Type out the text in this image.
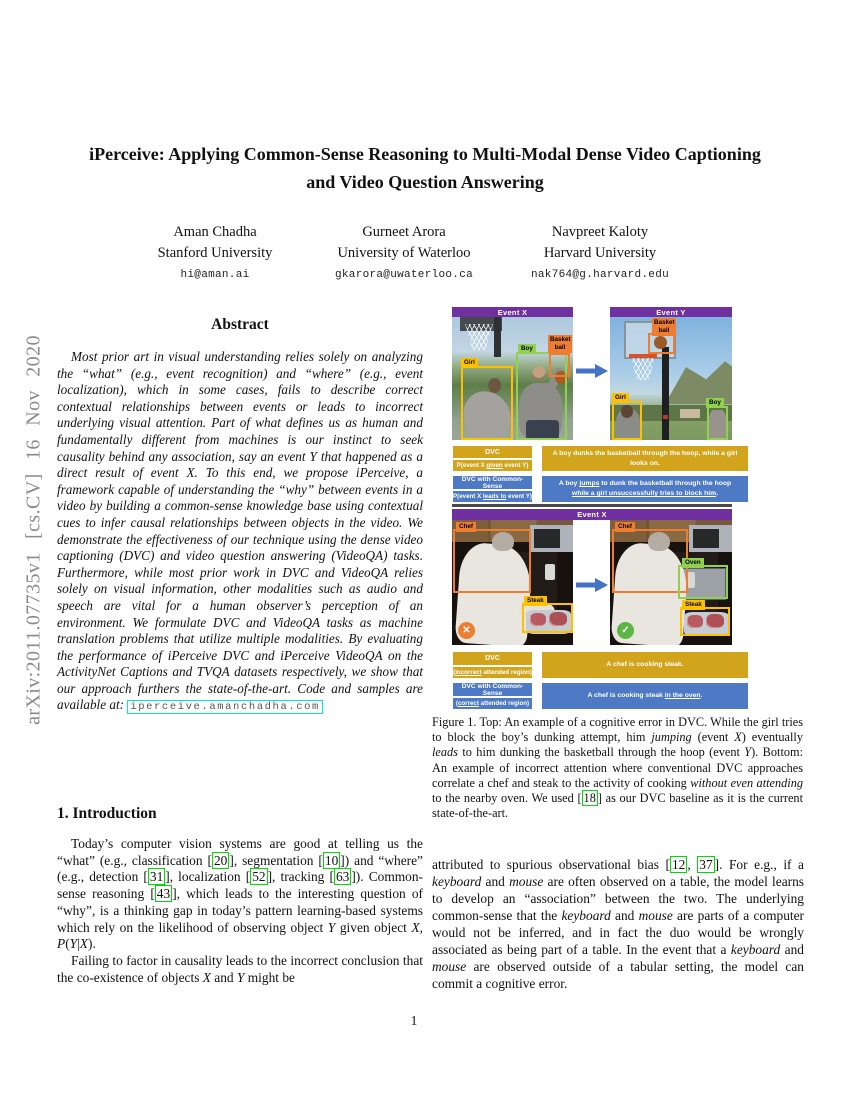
arXiv:2011.07735v1 [cs.CV] 16 Nov 2020
iPerceive: Applying Common-Sense Reasoning to Multi-Modal Dense Video Captioning and Video Question Answering
Aman Chadha
Stanford University
hi@aman.ai
Gurneet Arora
University of Waterloo
gkarora@uwaterloo.ca
Navpreet Kaloty
Harvard University
nak764@g.harvard.edu
Abstract

Most prior art in visual understanding relies solely on analyzing the “what” (e.g., event recognition) and “where” (e.g., event localization), which in some cases, fails to describe correct contextual relationships between events or leads to incorrect underlying visual attention. Part of what defines us as human and fundamentally different from machines is our instinct to seek causality behind any association, say an event Y that happened as a direct result of event X. To this end, we propose iPerceive, a framework capable of understanding the “why” between events in a video by building a common-sense knowledge base using contextual cues to infer causal relationships between objects in the video. We demonstrate the effectiveness of our technique using the dense video captioning (DVC) and video question answering (VideoQA) tasks. Furthermore, while most prior work in DVC and VideoQA relies solely on visual information, other modalities such as audio and speech are vital for a human observer’s perception of an environment. We formulate DVC and VideoQA tasks as machine translation problems that utilize multiple modalities. By evaluating the performance of iPerceive DVC and iPerceive VideoQA on the ActivityNet Captions and TVQA datasets respectively, we show that our approach furthers the state-of-the-art. Code and samples are available at: iperceive.amanchadha.com

1. Introduction

Today’s computer vision systems are good at telling us the “what” (e.g., classification [ 20 ], segmentation [ 10 ]) and “where” (e.g., detection [ 31 ], localization [ 52 ], tracking [ 63 ]). Common-sense reasoning [ 43 ], which leads to the interesting question of “why”, is a thinking gap in today’s pattern learning-based systems which rely on the likelihood of observing object Y given object X, P(Y|X).

Failing to factor in causality leads to the incorrect conclusion that the co-existence of objects X and Y might be

Event X
Girl
Boy
Basket ball
Event Y
Basket ball
Girl
Boy
DVC
P(event X given event Y)
A boy dunks the basketball through the hoop, while a girl looks on.
DVC with Common-Sense
P(event X leads to event Y)
A boy jumps to dunk the basketball through the hoop while a girl unsuccessfully tries to block him.
Event X
Chef
Steak
✕
Chef
Oven
Steak
✓
DVC
(incorrect attended region)
A chef is cooking steak.
DVC with Common-Sense
(correct attended region)
A chef is cooking steak in the oven.

Figure 1. Top: An example of a cognitive error in DVC. While the girl tries to block the boy’s dunking attempt, him jumping (event X) eventually leads to him dunking the basketball through the hoop (event Y). Bottom: An example of incorrect attention where conventional DVC approaches correlate a chef and steak to the activity of cooking without even attending to the nearby oven. We used [ 18 ] as our DVC baseline as it is the current state-of-the-art.

attributed to spurious observational bias [ 12 , 37 ]. For e.g., if a keyboard and mouse are often observed on a table, the model learns to develop an “association” between the two. The underlying common-sense that the keyboard and mouse are parts of a computer would not be inferred, and in fact the duo would be wrongly associated as being part of a table. In the event that a keyboard and mouse are observed outside of a tabular setting, the model can commit a cognitive error.

1
